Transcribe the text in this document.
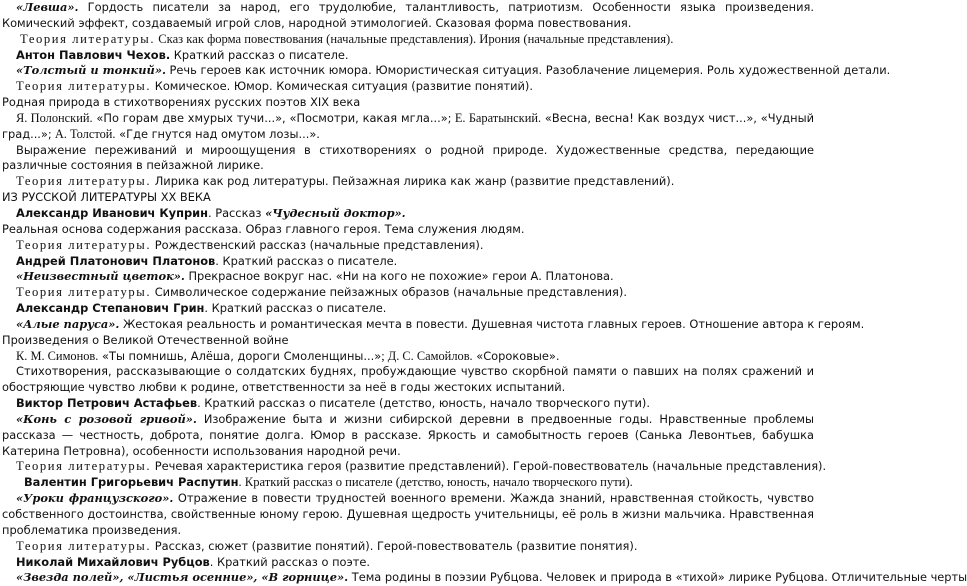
«Левша». Гордость писатели за народ, его трудолюбие, талантливость, патриотизм. Особенности языка произведения. Комический эффект, создаваемый игрой слов, народной этимологией. Сказовая форма повествования.

Теория литературы. Сказ как форма повествования (начальные представления). Ирония (начальные представления).

Антон Павлович Чехов. Краткий рассказ о писателе.

«Толстый и тонкий». Речь героев как источник юмора. Юмористическая ситуация. Разоблачение лицемерия. Роль художественной детали.

Теория литературы. Комическое. Юмор. Комическая ситуация (развитие понятий).

Родная природа в стихотворениях русских поэтов XIX века

Я. Полонский. «По горам две хмурых тучи...», «Посмотри, какая мгла...»; Е. Баратынский. «Весна, весна! Как воздух чист...», «Чудный град...»; А. Толстой. «Где гнутся над омутом лозы...».

Выражение переживаний и мироощущения в стихотворениях о родной природе. Художественные средства, передающие различные состояния в пейзажной лирике.

Теория литературы. Лирика как род литературы. Пейзажная лирика как жанр (развитие представлений).

ИЗ РУССКОЙ ЛИТЕРАТУРЫ XX ВЕКА

Александр Иванович Куприн. Рассказ «Чудесный доктор».

Реальная основа содержания рассказа. Образ главного героя. Тема служения людям.

Теория литературы. Рождественский рассказ (начальные представления).

Андрей Платонович Платонов. Краткий рассказ о писателе.

«Неизвестный цветок». Прекрасное вокруг нас. «Ни на кого не похожие» герои А. Платонова.

Теория литературы. Символическое содержание пейзажных образов (начальные представления).

Александр Степанович Грин. Краткий рассказ о писателе.

«Алые паруса». Жестокая реальность и романтическая мечта в повести. Душевная чистота главных героев. Отношение автора к героям.

Произведения о Великой Отечественной войне

К. М. Симонов. «Ты помнишь, Алёша, дороги Смоленщины...»; Д. С. Самойлов. «Сороковые».

Стихотворения, рассказывающие о солдатских буднях, пробуждающие чувство скорбной памяти о павших на полях сражений и обостряющие чувство любви к родине, ответственности за неё в годы жестоких испытаний.

Виктор Петрович Астафьев. Краткий рассказ о писателе (детство, юность, начало творческого пути).

«Конь с розовой гривой». Изображение быта и жизни сибирской деревни в предвоенные годы. Нравственные проблемы рассказа — честность, доброта, понятие долга. Юмор в рассказе. Яркость и самобытность героев (Санька Левонтьев, бабушка Катерина Петровна), особенности использования народной речи.

Теория литературы. Речевая характеристика героя (развитие представлений). Герой-повествователь (начальные представления).

Валентин Григорьевич Распутин. Краткий рассказ о писателе (детство, юность, начало творческого пути).

«Уроки французского». Отражение в повести трудностей военного времени. Жажда знаний, нравственная стойкость, чувство собственного достоинства, свойственные юному герою. Душевная щедрость учительницы, её роль в жизни мальчика. Нравственная проблематика произведения.

Теория литературы. Рассказ, сюжет (развитие понятий). Герой-повествователь (развитие понятия).

Николай Михайлович Рубцов. Краткий рассказ о поэте.

«Звезда полей», «Листья осенние», «В горнице». Тема родины в поэзии Рубцова. Человек и природа в «тихой» лирике Рубцова. Отличительные черты
